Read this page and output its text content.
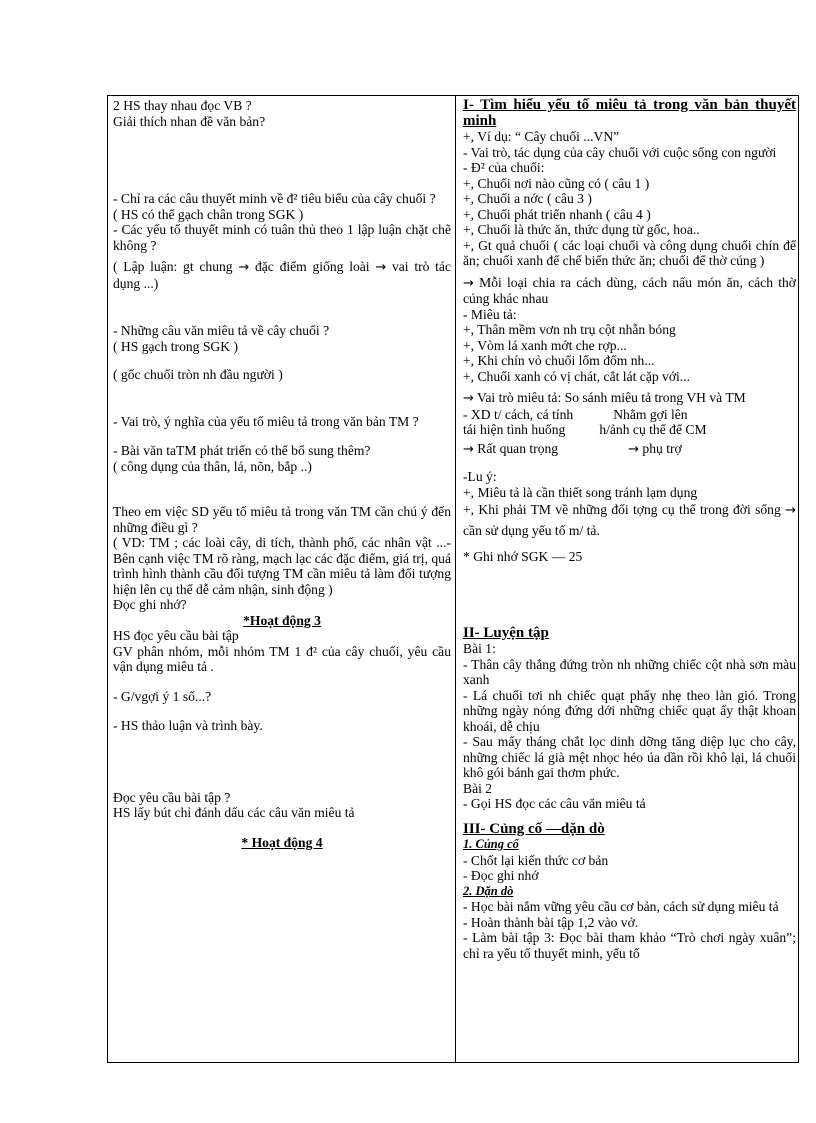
2 HS thay nhau đọc VB ?

Giải thích nhan đề văn bản?

- Chỉ ra các câu thuyết minh về đ² tiêu biểu của cây chuối ?

( HS có thể gạch chân trong SGK )

- Các yếu tố thuyết minh có tuân thủ theo 1 lập luận chặt chẽ không ?

( Lập luận: gt chung → đặc điểm giống loài → vai trò tác dụng ...)

- Những câu văn miêu tả về cây chuối ?

( HS gạch trong SGK )

( gốc chuối tròn nh đầu người )

- Vai trò, ý nghĩa của yếu tố miêu tả trong văn bản TM ?

- Bài văn taTM phát triển có thể bổ sung thêm?

( công dụng của thân, lá, nõn, bắp ..)

Theo em việc SD yếu tố miêu tả trong văn TM cần chú ý đến những điều gì ?

( VD: TM ; các loài cây, di tích, thành phố, các nhân vật ...- Bên cạnh việc TM rõ ràng, mạch lạc các đặc điểm, giá trị, quá trình hình thành cầu đối tượng TM cần miêu tả làm đối tượng hiện lên cụ thể dễ cảm nhận, sinh động )

Đọc ghi nhớ?

*Hoạt động 3

HS đọc yêu cầu bài tập

GV phân nhóm, mỗi nhóm TM 1 đ² của cây chuối, yêu cầu vận dụng miêu tả .

- G/vgợi ý 1 số...?

- HS thảo luận và trình bày.

Đọc yêu cầu bài tập ?

HS lấy bút chỉ đánh dấu các câu văn miêu tả

* Hoạt động 4

I- Tìm hiểu yếu tố miêu tả trong văn bản thuyết minh

+, Ví dụ: “ Cây chuối ...VN”

- Vai trò, tác dụng của cây chuối với cuộc sống con người

- Đ² của chuối:

+, Chuối nơi nào cũng có ( câu 1 )

+, Chuối a nớc ( câu 3 )

+, Chuối phát triển nhanh ( câu 4 )

+, Chuối là thức ăn, thức dụng từ gốc, hoa..

+, Gt quả chuối ( các loại chuối và công dụng chuối chín để ăn; chuối xanh để chế biến thức ăn; chuối để thờ cúng )

→ Mỗi loại chia ra cách dùng, cách nấu món ăn, cách thờ cúng khác nhau

- Miêu tả:

+, Thân mềm vơn nh trụ cột nhẵn bóng

+, Vòm lá xanh mớt che rợp...

+, Khi chín vỏ chuối lốm đốm nh...

+, Chuối xanh có vị chát, cắt lát cặp với...

→ Vai trò miêu tả: So sánh miêu tả trong VH và TM

- XD t/ cách, cá tính	Nhằm gợi lên

tái hiện tình huống	h/ảnh cụ thể để CM

→ Rất quan trọng	→ phụ trợ

-Lu ý:

+, Miêu tả là cần thiết song tránh lạm dụng

+, Khi phải TM về những đối tợng cụ thể trong đời sống → cần sử dụng yếu tố m/ tả.

* Ghi nhớ SGK — 25

II- Luyện tập

Bài 1:

- Thân cây thẳng đứng tròn nh những chiếc cột nhà sơn màu xanh

- Lá chuối tơi nh chiếc quạt phẩy nhẹ theo làn gió. Trong những ngày nóng đứng dới những chiếc quạt ấy thật khoan khoái, dễ chịu

- Sau mấy tháng chắt lọc dinh dỡng tăng diệp lục cho cây, những chiếc lá già mệt nhọc héo úa dần rồi khô lại, lá chuối khô gói bánh gai thơm phức.

Bài 2

- Gọi HS đọc các câu văn miêu tả

III- Củng cố —dặn dò

1. Củng cố

- Chốt lại kiến thức cơ bản

- Đọc ghi nhớ

2. Dặn dò

- Học bài nắm vững yêu cầu cơ bản, cách sử dụng miêu tả

- Hoàn thành bài tập 1,2 vào vở.

- Làm bài tập 3: Đọc bài tham khảo “Trò chơi ngày xuân”; chỉ ra yếu tố thuyết minh, yếu tố
